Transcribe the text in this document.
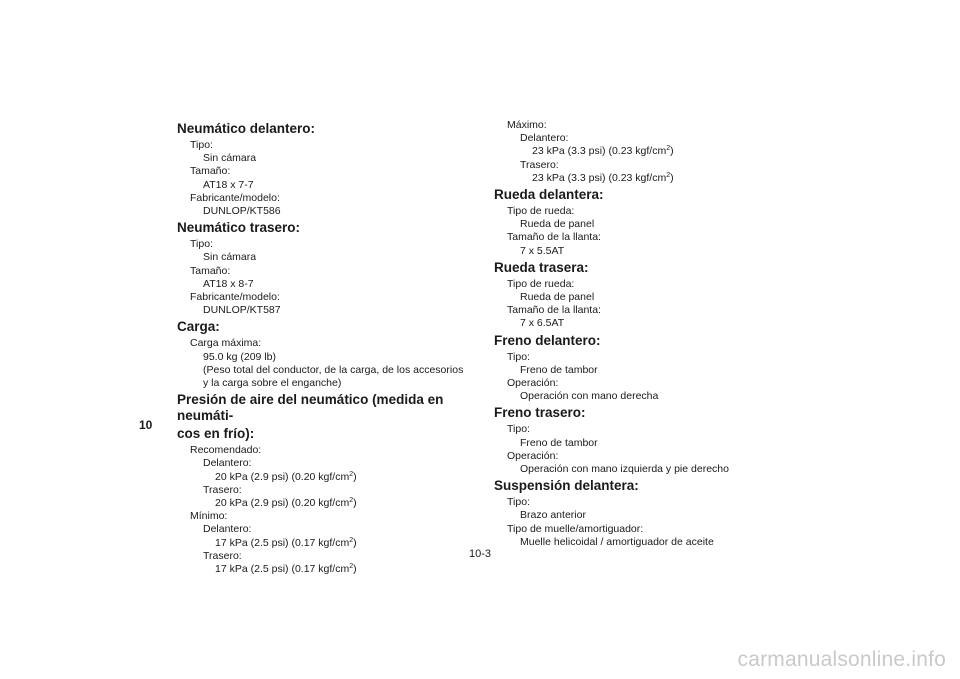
Neumático delantero:
Tipo:
Sin cámara
Tamaño:
AT18 x 7-7
Fabricante/modelo:
DUNLOP/KT586
Neumático trasero:
Tipo:
Sin cámara
Tamaño:
AT18 x 8-7
Fabricante/modelo:
DUNLOP/KT587
Carga:
Carga máxima:
95.0 kg (209 lb)
(Peso total del conductor, de la carga, de los accesorios y la carga sobre el enganche)
Presión de aire del neumático (medida en neumáti-
cos en frío):
Recomendado:
Delantero:
20 kPa (2.9 psi) (0.20 kgf/$cm^2$)
Trasero:
20 kPa (2.9 psi) (0.20 kgf/$cm^2$)
Mínimo:
Delantero:
17 kPa (2.5 psi) (0.17 kgf/$cm^2$)
Trasero:
17 kPa (2.5 psi) (0.17 kgf/$cm^2$)
Máximo:
Delantero:
23 kPa (3.3 psi) (0.23 kgf/$cm^2$)
Trasero:
23 kPa (3.3 psi) (0.23 kgf/$cm^2$)
Rueda delantera:
Tipo de rueda:
Rueda de panel
Tamaño de la llanta:
7 x 5.5AT
Rueda trasera:
Tipo de rueda:
Rueda de panel
Tamaño de la llanta:
7 x 6.5AT
Freno delantero:
Tipo:
Freno de tambor
Operación:
Operación con mano derecha
Freno trasero:
Tipo:
Freno de tambor
Operación:
Operación con mano izquierda y pie derecho
Suspensión delantera:
Tipo:
Brazo anterior
Tipo de muelle/amortiguador:
Muelle helicoidal / amortiguador de aceite
10
10-3
carmanualsonline.info
